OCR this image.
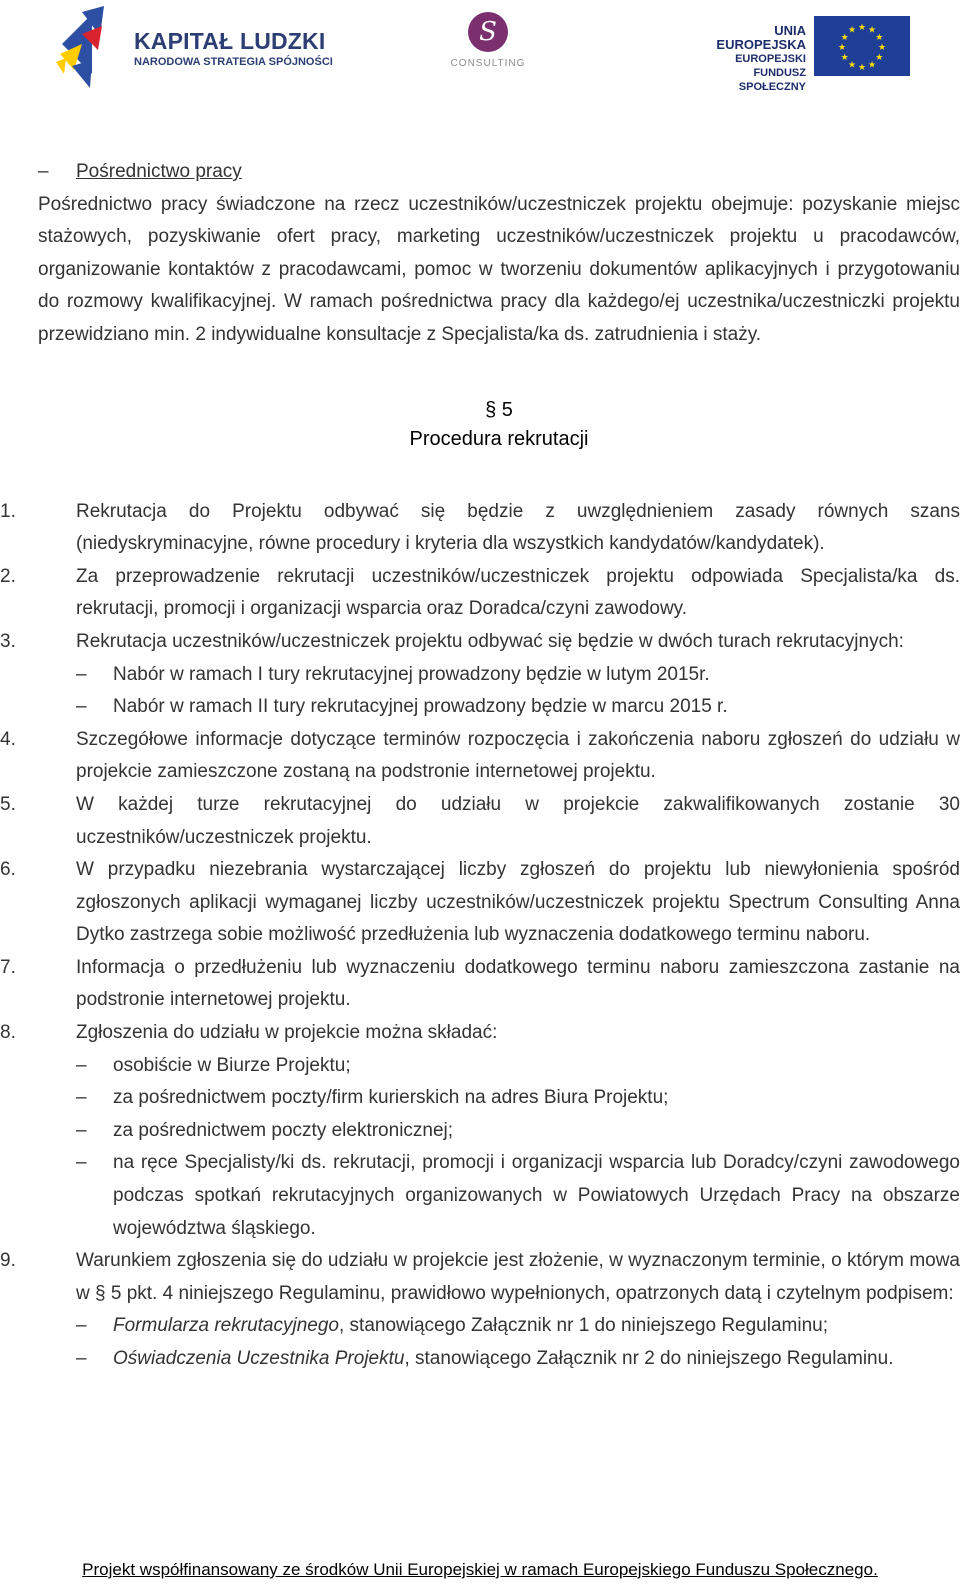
KAPITAŁ LUDZKI
NARODOWA STRATEGIA SPÓJNOŚCI
S
CONSULTING
UNIA EUROPEJSKA
EUROPEJSKI
FUNDUSZ SPOŁECZNY
★
★
★
★
★
★
★
★
★ ★ ★
★
– Pośrednictwo pracy

Pośrednictwo pracy świadczone na rzecz uczestników/uczestniczek projektu obejmuje: pozyskanie miejsc stażowych, pozyskiwanie ofert pracy, marketing uczestników/uczestniczek projektu u pracodawców, organizowanie kontaktów z pracodawcami, pomoc w tworzeniu dokumentów aplikacyjnych i przygotowaniu do rozmowy kwalifikacyjnej. W ramach pośrednictwa pracy dla każdego/ej uczestnika/uczestniczki projektu przewidziano min. 2 indywidualne konsultacje z Specjalista/ka ds. zatrudnienia i staży.

§ 5
Procedura rekrutacji
1.	Rekrutacja do Projektu odbywać się będzie z uwzględnieniem zasady równych szans (niedyskryminacyjne, równe procedury i kryteria dla wszystkich kandydatów/kandydatek).

2.	Za przeprowadzenie rekrutacji uczestników/uczestniczek projektu odpowiada Specjalista/ka ds. rekrutacji, promocji i organizacji wsparcia oraz Doradca/czyni zawodowy.

3.	Rekrutacja uczestników/uczestniczek projektu odbywać się będzie w dwóch turach rekrutacyjnych:

– Nabór w ramach I tury rekrutacyjnej prowadzony będzie w lutym 2015r.

– Nabór w ramach II tury rekrutacyjnej prowadzony będzie w marcu 2015 r.

4.	Szczegółowe informacje dotyczące terminów rozpoczęcia i zakończenia naboru zgłoszeń do udziału w projekcie zamieszczone zostaną na podstronie internetowej projektu.

5.	W każdej turze rekrutacyjnej do udziału w projekcie zakwalifikowanych zostanie 30 uczestników/uczestniczek projektu.

6.	W przypadku niezebrania wystarczającej liczby zgłoszeń do projektu lub niewyłonienia spośród zgłoszonych aplikacji wymaganej liczby uczestników/uczestniczek projektu Spectrum Consulting Anna Dytko zastrzega sobie możliwość przedłużenia lub wyznaczenia dodatkowego terminu naboru.

7.	Informacja o przedłużeniu lub wyznaczeniu dodatkowego terminu naboru zamieszczona zastanie na podstronie internetowej projektu.

8.	Zgłoszenia do udziału w projekcie można składać:

– osobiście w Biurze Projektu;

– za pośrednictwem poczty/firm kurierskich na adres Biura Projektu;

– za pośrednictwem poczty elektronicznej;

– na ręce Specjalisty/ki ds. rekrutacji, promocji i organizacji wsparcia lub Doradcy/czyni zawodowego podczas spotkań rekrutacyjnych organizowanych w Powiatowych Urzędach Pracy na obszarze województwa śląskiego.

9.	Warunkiem zgłoszenia się do udziału w projekcie jest złożenie, w wyznaczonym terminie, o którym mowa w § 5 pkt. 4 niniejszego Regulaminu, prawidłowo wypełnionych, opatrzonych datą i czytelnym podpisem:

– Formularza rekrutacyjnego, stanowiącego Załącznik nr 1 do niniejszego Regulaminu;

– Oświadczenia Uczestnika Projektu, stanowiącego Załącznik nr 2 do niniejszego Regulaminu.

Projekt współfinansowany ze środków Unii Europejskiej w ramach Europejskiego Funduszu Społecznego.
